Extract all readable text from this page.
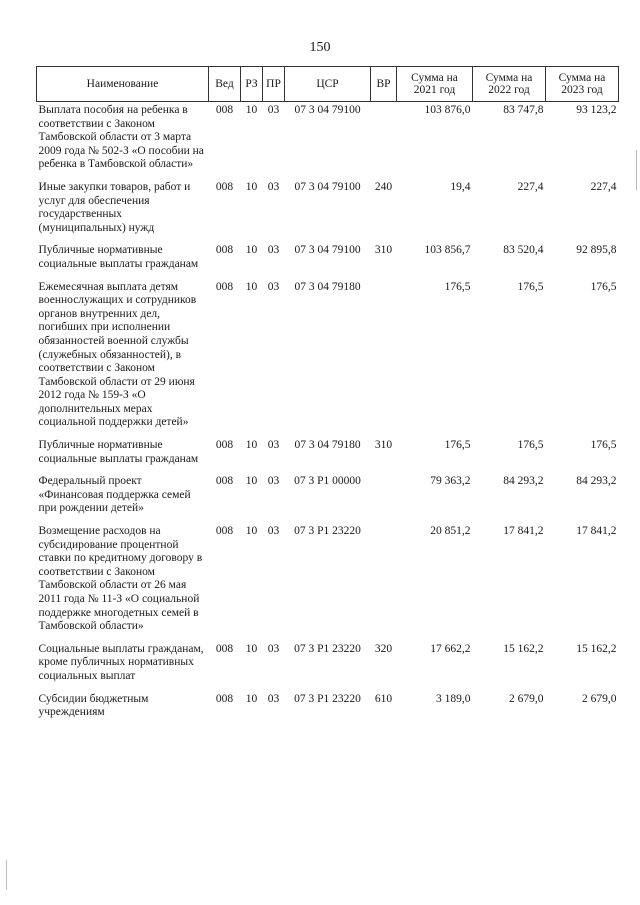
150
Наименование	Вед	РЗ	ПР	ЦСР	ВР	Сумма на 2021 год	Сумма на 2022 год	Сумма на 2023 год
Выплата пособия на ребенка в соответствии с Законом Тамбовской области от 3 марта 2009 года № 502-З «О пособии на ребенка в Тамбовской области»	008	10	03	07 3 04 79100		103 876,0	83 747,8	93 123,2
Иные закупки товаров, работ и услуг для обеспечения государственных (муниципальных) нужд	008	10	03	07 3 04 79100	240	19,4	227,4	227,4
Публичные нормативные социальные выплаты гражданам	008	10	03	07 3 04 79100	310	103 856,7	83 520,4	92 895,8
Ежемесячная выплата детям военнослужащих и сотрудников органов внутренних дел, погибших при исполнении обязанностей военной службы (служебных обязанностей), в соответствии с Законом Тамбовской области от 29 июня 2012 года № 159-З «О дополнительных мерах социальной поддержки детей»	008	10	03	07 3 04 79180		176,5	176,5	176,5
Публичные нормативные социальные выплаты гражданам	008	10	03	07 3 04 79180	310	176,5	176,5	176,5
Федеральный проект «Финансовая поддержка семей при рождении детей»	008	10	03	07 3 Р1 00000		79 363,2	84 293,2	84 293,2
Возмещение расходов на субсидирование процентной ставки по кредитному договору в соответствии с Законом Тамбовской области от 26 мая 2011 года № 11-З «О социальной поддержке многодетных семей в Тамбовской области»	008	10	03	07 3 Р1 23220		20 851,2	17 841,2	17 841,2
Социальные выплаты гражданам, кроме публичных нормативных социальных выплат	008	10	03	07 3 Р1 23220	320	17 662,2	15 162,2	15 162,2
Субсидии бюджетным учреждениям	008	10	03	07 3 Р1 23220	610	3 189,0	2 679,0	2 679,0
